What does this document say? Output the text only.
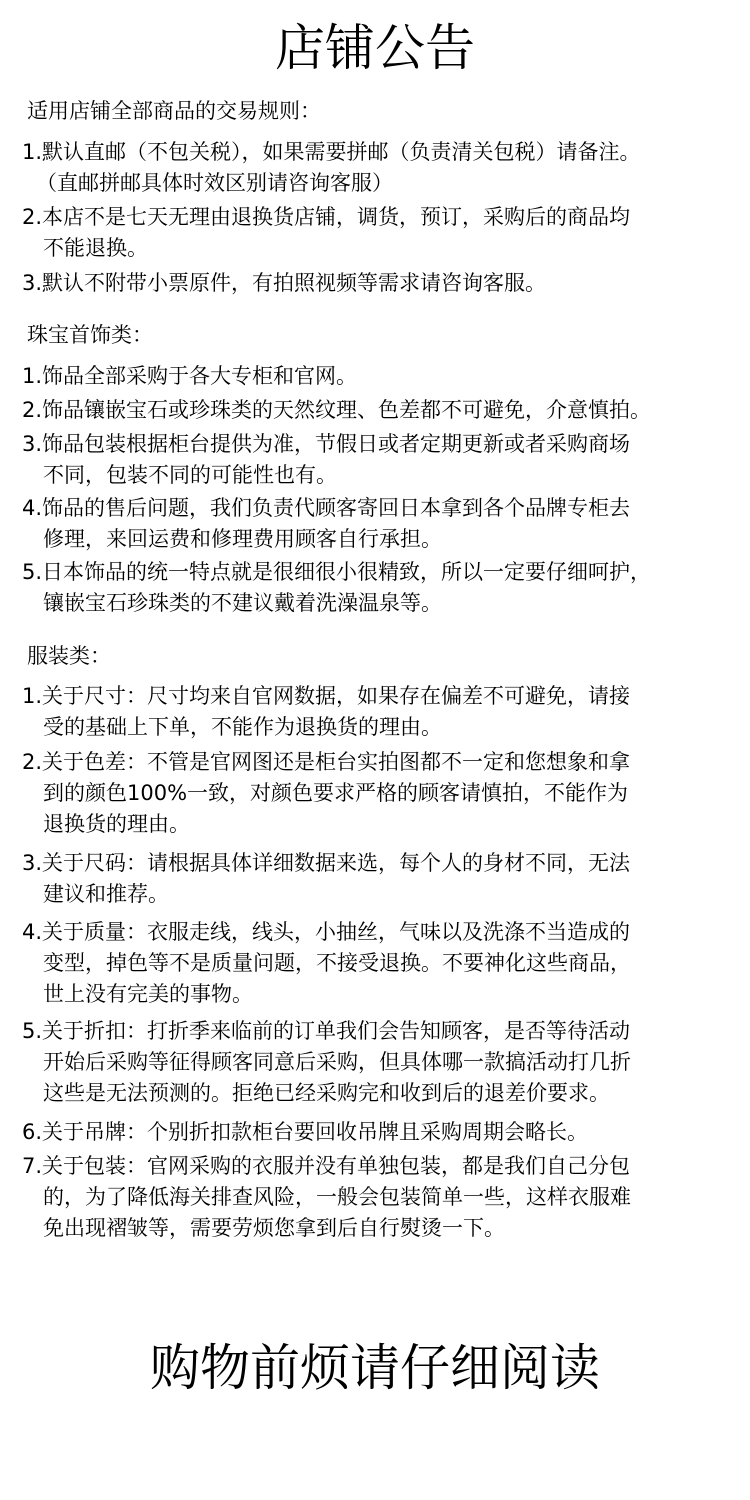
店铺公告

适用店铺全部商品的交易规则：

1.默认直邮（不包关税），如果需要拼邮（负责清关包税）请备注。
（直邮拼邮具体时效区别请咨询客服）
2.本店不是七天无理由退换货店铺，调货，预订，采购后的商品均
不能退换。
3.默认不附带小票原件，有拍照视频等需求请咨询客服。

珠宝首饰类：

1.饰品全部采购于各大专柜和官网。
2.饰品镶嵌宝石或珍珠类的天然纹理、色差都不可避免，介意慎拍。
3.饰品包装根据柜台提供为准，节假日或者定期更新或者采购商场
不同，包装不同的可能性也有。
4.饰品的售后问题，我们负责代顾客寄回日本拿到各个品牌专柜去
修理，来回运费和修理费用顾客自行承担。
5.日本饰品的统一特点就是很细很小很精致，所以一定要仔细呵护，
镶嵌宝石珍珠类的不建议戴着洗澡温泉等。

服装类：

1.关于尺寸：尺寸均来自官网数据，如果存在偏差不可避免，请接
受的基础上下单，不能作为退换货的理由。
2.关于色差：不管是官网图还是柜台实拍图都不一定和您想象和拿
到的颜色100%一致，对颜色要求严格的顾客请慎拍，不能作为
退换货的理由。
3.关于尺码：请根据具体详细数据来选，每个人的身材不同，无法
建议和推荐。
4.关于质量：衣服走线，线头，小抽丝，气味以及洗涤不当造成的
变型，掉色等不是质量问题，不接受退换。不要神化这些商品，
世上没有完美的事物。
5.关于折扣：打折季来临前的订单我们会告知顾客，是否等待活动
开始后采购等征得顾客同意后采购，但具体哪一款搞活动打几折
这些是无法预测的。拒绝已经采购完和收到后的退差价要求。
6.关于吊牌：个别折扣款柜台要回收吊牌且采购周期会略长。
7.关于包装：官网采购的衣服并没有单独包装，都是我们自己分包
的，为了降低海关排查风险，一般会包装简单一些，这样衣服难
免出现褶皱等，需要劳烦您拿到后自行熨烫一下。
购物前烦请仔细阅读
